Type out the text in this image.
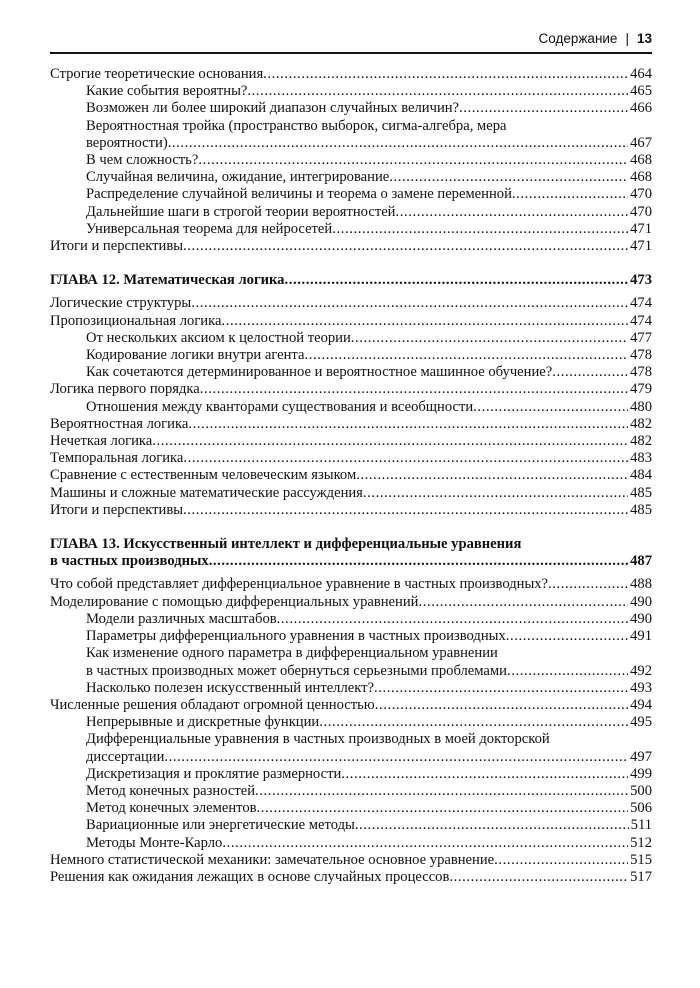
Содержание | 13
Строгие теоретические основания .....	464
Какие события вероятны? .....	465
Возможен ли более широкий диапазон случайных величин? .....	466
Вероятностная тройка (пространство выборок, сигма-алгебра, мера
вероятности) .....	467
В чем сложность? .....	468
Случайная величина, ожидание, интегрирование .....	468
Распределение случайной величины и теорема о замене переменной .....	470
Дальнейшие шаги в строгой теории вероятностей .....	470
Универсальная теорема для нейросетей .....	471
Итоги и перспективы .....	471
ГЛАВА 12. Математическая логика .....	473
Логические структуры .....	474
Пропозициональная логика .....	474
От нескольких аксиом к целостной теории .....	477
Кодирование логики внутри агента .....	478
Как сочетаются детерминированное и вероятностное машинное обучение? .....	478
Логика первого порядка .....	479
Отношения между кванторами существования и всеобщности .....	480
Вероятностная логика .....	482
Нечеткая логика .....	482
Темпоральная логика .....	483
Сравнение с естественным человеческим языком .....	484
Машины и сложные математические рассуждения .....	485
Итоги и перспективы .....	485
ГЛАВА 13. Искусственный интеллект и дифференциальные уравнения
в частных производных .....	487
Что собой представляет дифференциальное уравнение в частных производных? .....	488
Моделирование с помощью дифференциальных уравнений .....	490
Модели различных масштабов .....	490
Параметры дифференциального уравнения в частных производных .....	491
Как изменение одного параметра в дифференциальном уравнении
в частных производных может обернуться серьезными проблемами .....	492
Насколько полезен искусственный интеллект? .....	493
Численные решения обладают огромной ценностью .....	494
Непрерывные и дискретные функции .....	495
Дифференциальные уравнения в частных производных в моей докторской
диссертации .....	497
Дискретизация и проклятие размерности .....	499
Метод конечных разностей .....	500
Метод конечных элементов .....	506
Вариационные или энергетические методы .....	511
Методы Монте-Карло .....	512
Немного статистической механики: замечательное основное уравнение .....	515
Решения как ожидания лежащих в основе случайных процессов .....	517
